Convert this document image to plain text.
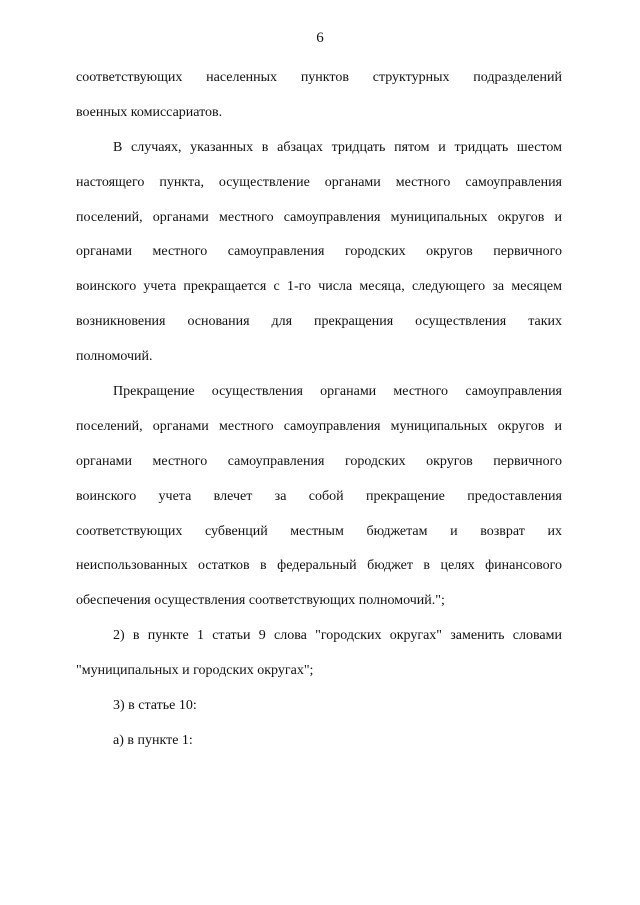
6
соответствующих населенных пунктов структурных подразделений
военных комиссариатов.
В случаях, указанных в абзацах тридцать пятом и тридцать шестом
настоящего пункта, осуществление органами местного самоуправления
поселений, органами местного самоуправления муниципальных округов и
органами местного самоуправления городских округов первичного
воинского учета прекращается с 1-го числа месяца, следующего за месяцем
возникновения основания для прекращения осуществления таких
полномочий.
Прекращение осуществления органами местного самоуправления
поселений, органами местного самоуправления муниципальных округов и
органами местного самоуправления городских округов первичного
воинского учета влечет за собой прекращение предоставления
соответствующих субвенций местным бюджетам и возврат их
неиспользованных остатков в федеральный бюджет в целях финансового
обеспечения осуществления соответствующих полномочий.";
2) в пункте 1 статьи 9 слова "городских округах" заменить словами
"муниципальных и городских округах";
3) в статье 10:
а) в пункте 1:
